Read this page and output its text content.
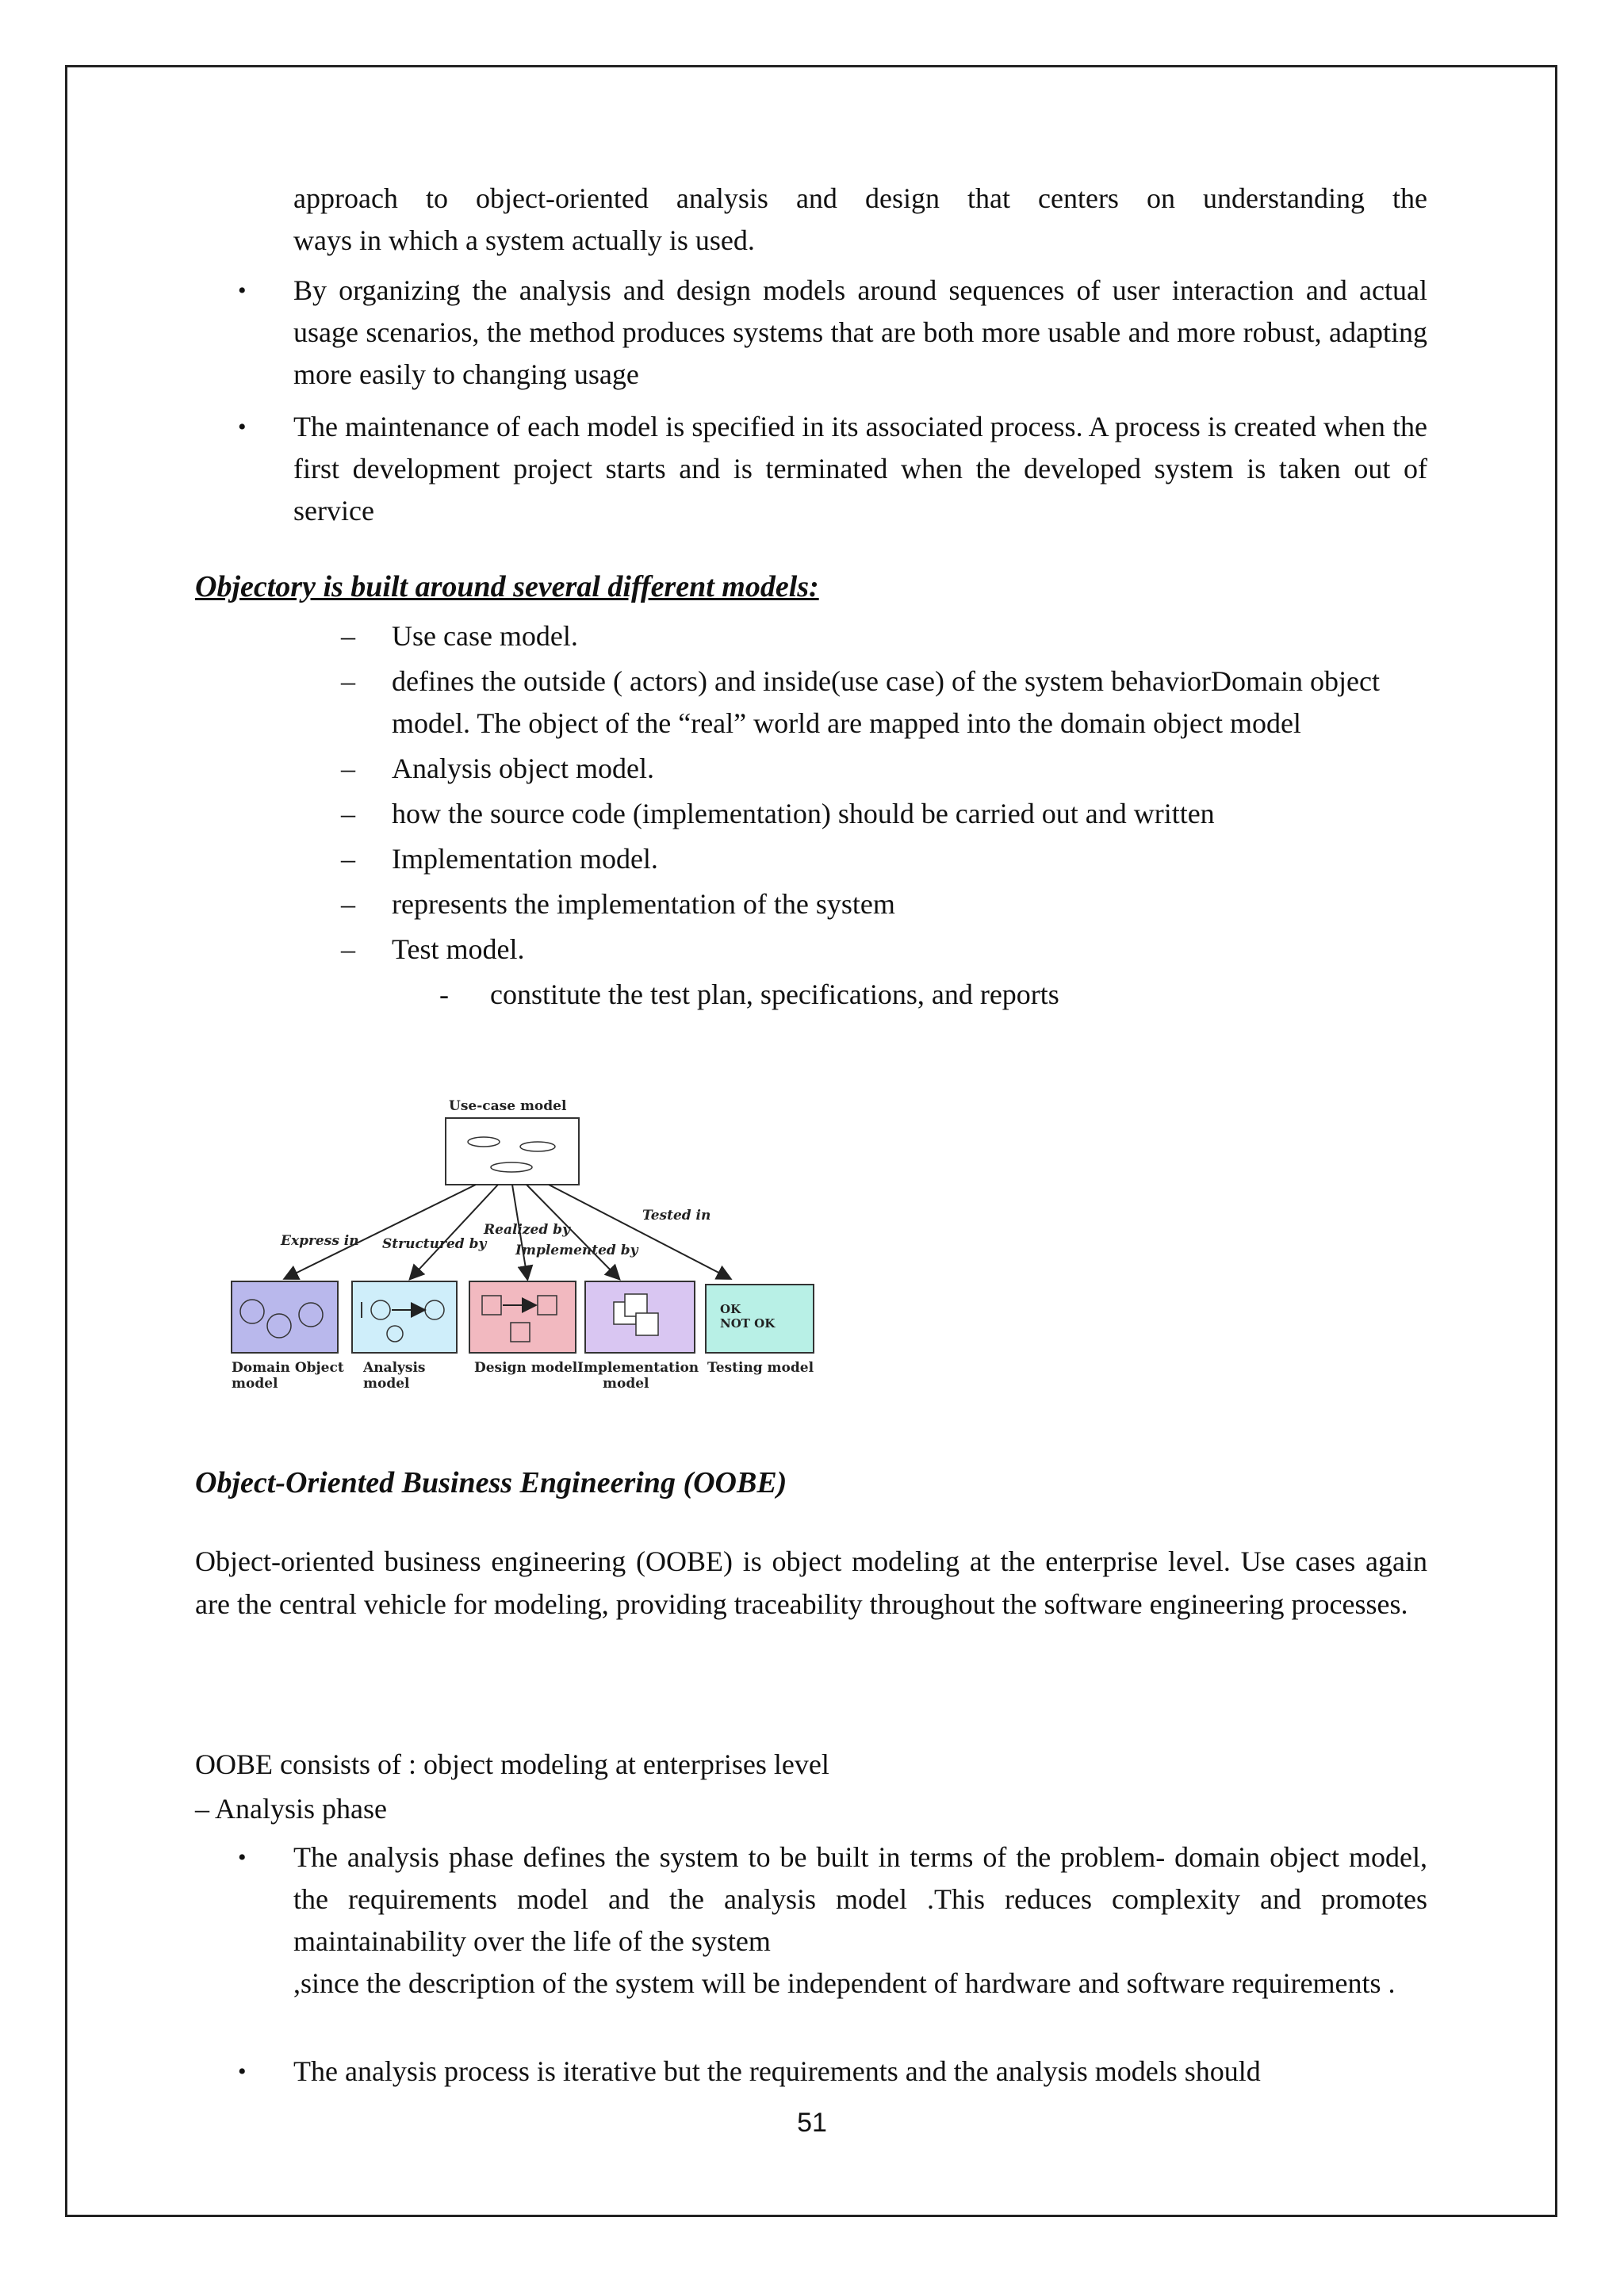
approach to object-oriented analysis and design that centers on understanding the
ways in which a system actually is used.
• By organizing the analysis and design models around sequences of user interaction and actual usage scenarios, the method produces systems that are both more usable and more robust, adapting more easily to changing usage
• The maintenance of each model is specified in its associated process. A process is created when the first development project starts and is terminated when the developed system is taken out of service
Objectory is built around several different models:
– Use case model.
– defines the outside ( actors) and inside(use case) of the system behaviorDomain object model. The object of the “real” world are mapped into the domain object model
– Analysis object model.
– how the source code (implementation) should be carried out and written
– Implementation model.
– represents the implementation of the system
– Test model.
- constitute the test plan, specifications, and reports
Use-case model
Express in Structured by
Realized by
Implemented by
Tested in
OK
NOT OK
Domain Object
model
Analysis
model
Design model Implementation
model
Testing model
Object-Oriented Business Engineering (OOBE)
Object-oriented business engineering (OOBE) is object modeling at the enterprise level. Use cases again are the central vehicle for modeling, providing traceability throughout the software engineering processes.
OOBE consists of : object modeling at enterprises level
– Analysis phase
• The analysis phase defines the system to be built in terms of the problem- domain object model, the requirements model and the analysis model .This reduces complexity and promotes maintainability over the life of the system
,since the description of the system will be independent of hardware and software requirements .
• The analysis process is iterative but the requirements and the analysis models should
51
